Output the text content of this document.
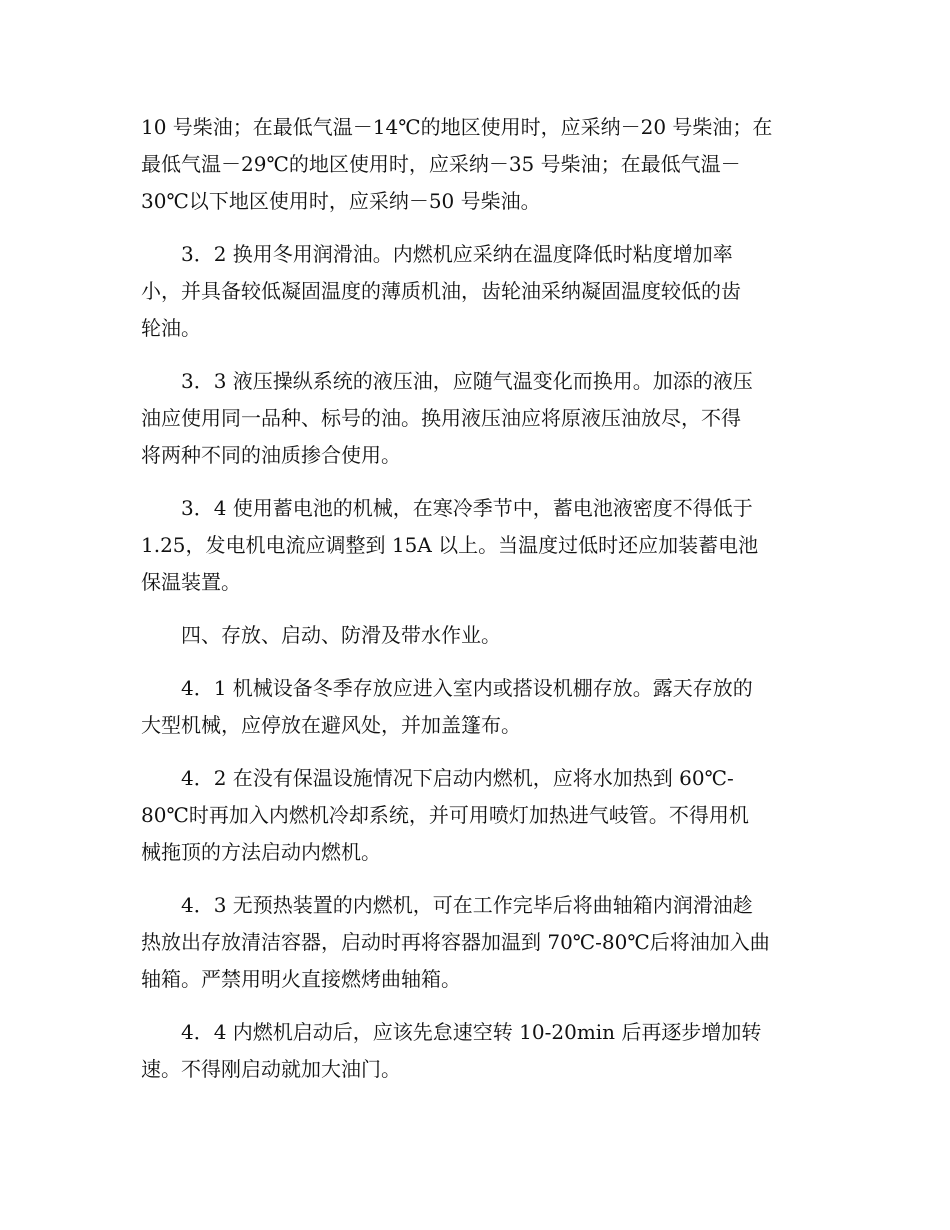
10 号柴油；在最低气温－14℃的地区使用时，应采纳－20 号柴油；在

最低气温－29℃的地区使用时，应采纳－35 号柴油；在最低气温－

30℃以下地区使用时，应采纳－50 号柴油。

　　3．2 换用冬用润滑油。内燃机应采纳在温度降低时粘度增加率

小，并具备较低凝固温度的薄质机油，齿轮油采纳凝固温度较低的齿

轮油。

　　3．3 液压操纵系统的液压油，应随气温变化而换用。加添的液压

油应使用同一品种、标号的油。换用液压油应将原液压油放尽，不得

将两种不同的油质掺合使用。

　　3．4 使用蓄电池的机械，在寒冷季节中，蓄电池液密度不得低于

1.25，发电机电流应调整到 15A 以上。当温度过低时还应加装蓄电池

保温装置。

　　四、存放、启动、防滑及带水作业。

　　4．1 机械设备冬季存放应进入室内或搭设机棚存放。露天存放的

大型机械，应停放在避风处，并加盖篷布。

　　4．2 在没有保温设施情况下启动内燃机，应将水加热到 60℃-

80℃时再加入内燃机冷却系统，并可用喷灯加热进气岐管。不得用机

械拖顶的方法启动内燃机。

　　4．3 无预热装置的内燃机，可在工作完毕后将曲轴箱内润滑油趁

热放出存放清洁容器，启动时再将容器加温到 70℃-80℃后将油加入曲

轴箱。严禁用明火直接燃烤曲轴箱。

　　4．4 内燃机启动后，应该先怠速空转 10-20min 后再逐步增加转

速。不得刚启动就加大油门。
